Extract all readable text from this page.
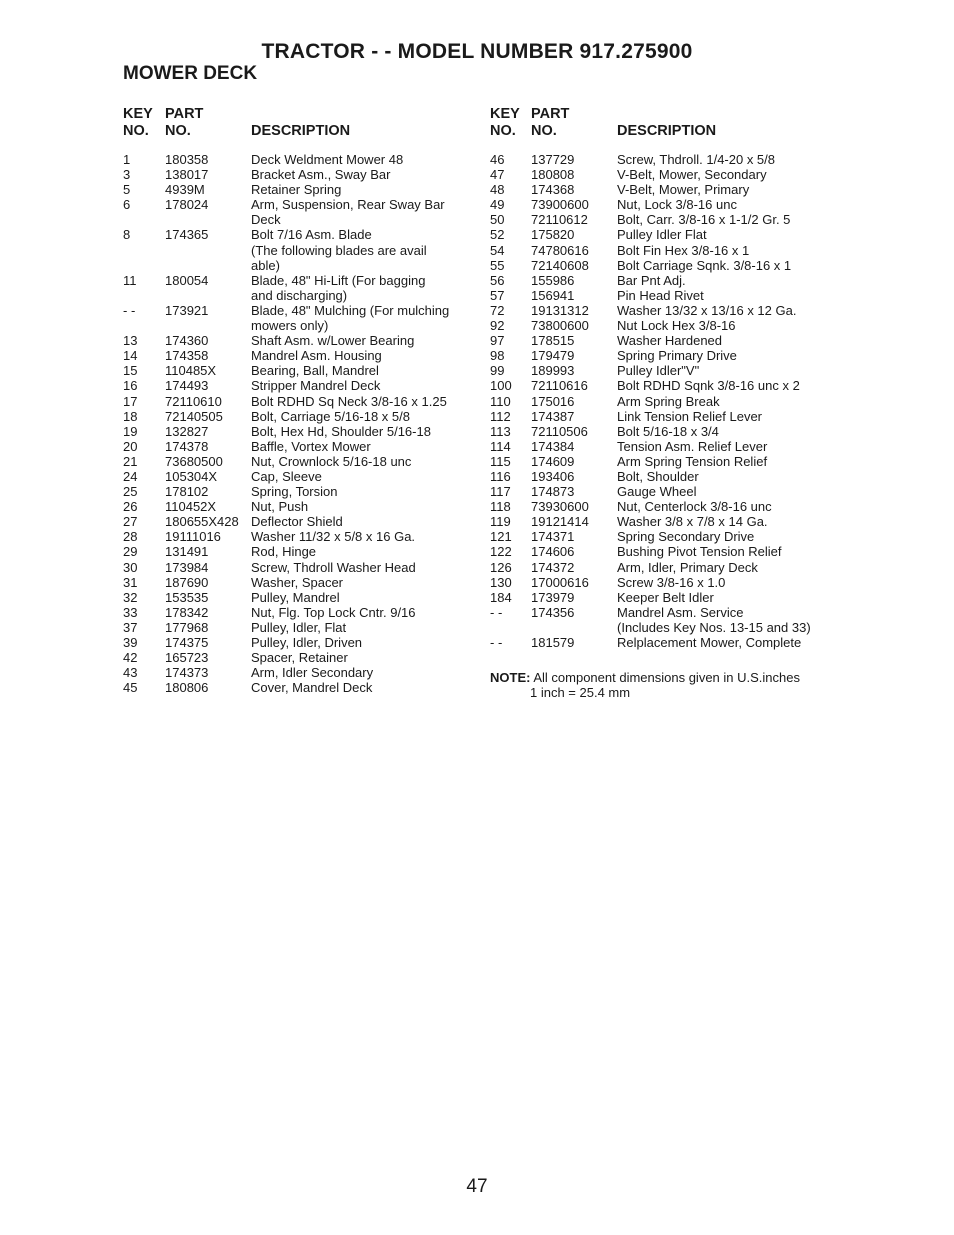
TRACTOR - - MODEL NUMBER 917.275900
MOWER DECK
KEY
NO.
PART
NO.	DESCRIPTION
1	180358	Deck Weldment Mower 48
3	138017	Bracket Asm., Sway Bar
5	4939M	Retainer Spring
6	178024	Arm, Suspension, Rear Sway Bar
Deck
8	174365	Bolt 7/16 Asm. Blade
(The following blades are avail
able)
11 180054	Blade, 48" Hi-Lift (For bagging
and discharging)
- - 173921	Blade, 48" Mulching (For mulching
mowers only)
13 174360	Shaft Asm. w/Lower Bearing
14 174358	Mandrel Asm. Housing
15 110485X	Bearing, Ball, Mandrel
16 174493	Stripper Mandrel Deck
17 72110610 Bolt RDHD Sq Neck 3/8-16 x 1.25
18 72140505 Bolt, Carriage 5/16-18 x 5/8
19 132827	Bolt, Hex Hd, Shoulder 5/16-18
20 174378	Baffle, Vortex Mower
21 73680500 Nut, Crownlock 5/16-18 unc
24 105304X	Cap, Sleeve
25 178102	Spring, Torsion
26 110452X	Nut, Push
27 180655X428 Deflector Shield
28 19111016 Washer 11/32 x 5/8 x 16 Ga.
29 131491	Rod, Hinge
30 173984	Screw, Thdroll Washer Head
31 187690	Washer, Spacer
32 153535	Pulley, Mandrel
33 178342	Nut, Flg. Top Lock Cntr. 9/16
37 177968	Pulley, Idler, Flat
39 174375	Pulley, Idler, Driven
42 165723	Spacer, Retainer
43 174373	Arm, Idler Secondary
45 180806	Cover, Mandrel Deck
KEY
NO.
PART
NO.	DESCRIPTION
46 137729	Screw, Thdroll. 1/4-20 x 5/8
47 180808	V-Belt, Mower, Secondary
48 174368	V-Belt, Mower, Primary
49 73900600 Nut, Lock 3/8-16 unc
50 72110612 Bolt, Carr. 3/8-16 x 1-1/2 Gr. 5
52 175820	Pulley Idler Flat
54 74780616 Bolt Fin Hex 3/8-16 x 1
55 72140608 Bolt Carriage Sqnk. 3/8-16 x 1
56 155986	Bar Pnt Adj.
57 156941	Pin Head Rivet
72 19131312 Washer 13/32 x 13/16 x 12 Ga.
92 73800600 Nut Lock Hex 3/8-16
97 178515	Washer Hardened
98 179479	Spring Primary Drive
99 189993	Pulley Idler"V"
100 72110616 Bolt RDHD Sqnk 3/8-16 unc x 2
110 175016	Arm Spring Break
112 174387	Link Tension Relief Lever
113 72110506 Bolt 5/16-18 x 3/4
114 174384	Tension Asm. Relief Lever
115 174609	Arm Spring Tension Relief
116 193406	Bolt, Shoulder
117 174873	Gauge Wheel
118 73930600 Nut, Centerlock 3/8-16 unc
119 19121414 Washer 3/8 x 7/8 x 14 Ga.
121 174371	Spring Secondary Drive
122 174606	Bushing Pivot Tension Relief
126 174372	Arm, Idler, Primary Deck
130 17000616 Screw 3/8-16 x 1.0
184 173979	Keeper Belt Idler
- - 174356	Mandrel Asm. Service
(Includes Key Nos. 13-15 and 33)
- - 181579	Relplacement Mower, Complete
NOTE: All component dimensions given in U.S.inches
1 inch = 25.4 mm
47
